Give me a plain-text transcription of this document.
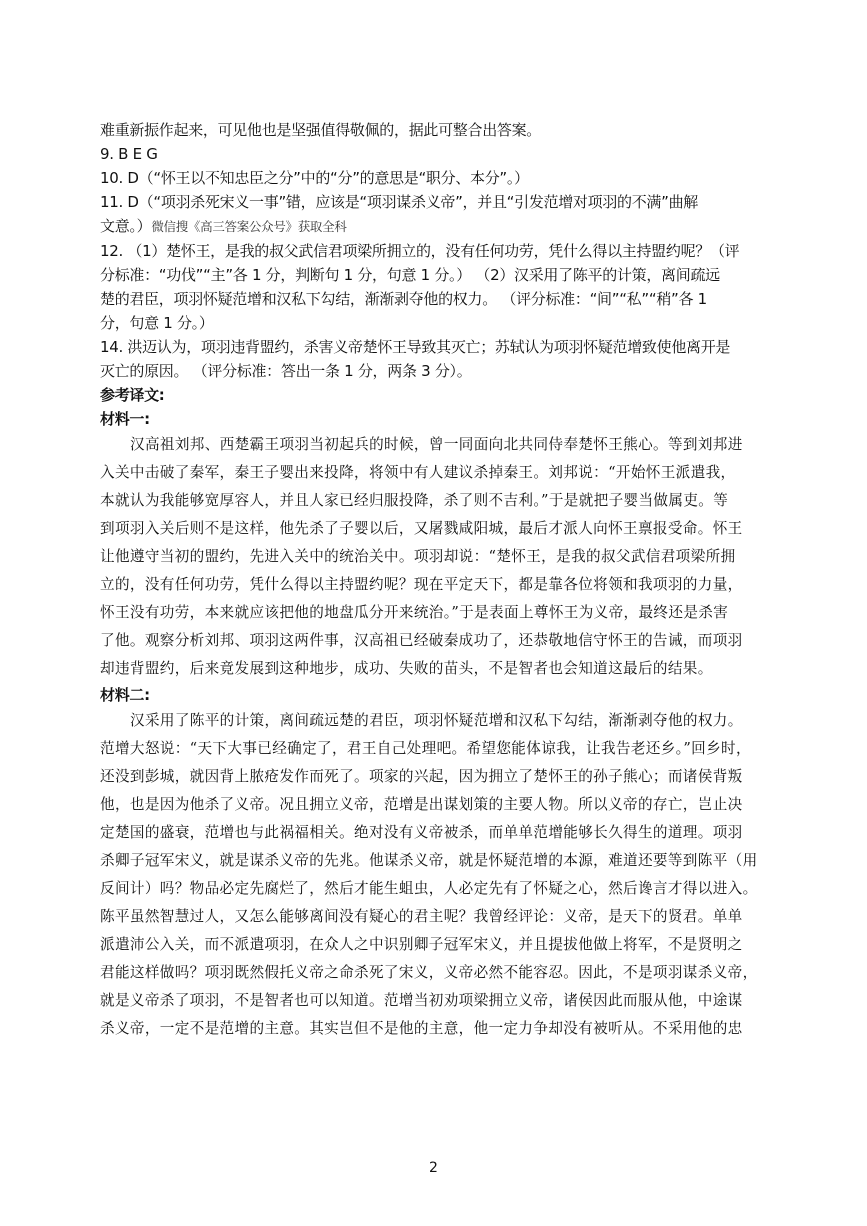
难重新振作起来，可见他也是坚强值得敬佩的，据此可整合出答案。
9. B E G
10. D（“怀王以不知忠臣之分”中的“分”的意思是“职分、本分”。）
11. D（“项羽杀死宋义一事”错，应该是“项羽谋杀义帝”，并且“引发范增对项羽的不满”曲解
文意。）微信搜《高三答案公众号》获取全科
12. （1）楚怀王，是我的叔父武信君项梁所拥立的，没有任何功劳，凭什么得以主持盟约呢？（评
分标准：“功伐”“主”各 1 分，判断句 1 分，句意 1 分。） （2）汉采用了陈平的计策，离间疏远
楚的君臣，项羽怀疑范增和汉私下勾结，渐渐剥夺他的权力。 （评分标准：“间”“私”“稍”各 1
分，句意 1 分。）
14. 洪迈认为，项羽违背盟约，杀害义帝楚怀王导致其灭亡；苏轼认为项羽怀疑范增致使他离开是
灭亡的原因。 （评分标准：答出一条 1 分，两条 3 分）。
参考译文:
材料一:
汉高祖刘邦、西楚霸王项羽当初起兵的时候，曾一同面向北共同侍奉楚怀王熊心。等到刘邦进
入关中击破了秦军，秦王子婴出来投降，将领中有人建议杀掉秦王。刘邦说：“开始怀王派遣我，
本就认为我能够宽厚容人，并且人家已经归服投降，杀了则不吉利。”于是就把子婴当做属吏。等
到项羽入关后则不是这样，他先杀了子婴以后，又屠戮咸阳城，最后才派人向怀王禀报受命。怀王
让他遵守当初的盟约，先进入关中的统治关中。项羽却说：“楚怀王，是我的叔父武信君项梁所拥
立的，没有任何功劳，凭什么得以主持盟约呢？现在平定天下，都是靠各位将领和我项羽的力量，
怀王没有功劳，本来就应该把他的地盘瓜分开来统治。”于是表面上尊怀王为义帝，最终还是杀害
了他。观察分析刘邦、项羽这两件事，汉高祖已经破秦成功了，还恭敬地信守怀王的告诫，而项羽
却违背盟约，后来竟发展到这种地步，成功、失败的苗头，不是智者也会知道这最后的结果。
材料二:
汉采用了陈平的计策，离间疏远楚的君臣，项羽怀疑范增和汉私下勾结，渐渐剥夺他的权力。
范增大怒说：“天下大事已经确定了，君王自己处理吧。希望您能体谅我，让我告老还乡。”回乡时，
还没到彭城，就因背上脓疮发作而死了。项家的兴起，因为拥立了楚怀王的孙子熊心；而诸侯背叛
他，也是因为他杀了义帝。况且拥立义帝，范增是出谋划策的主要人物。所以义帝的存亡，岂止决
定楚国的盛衰，范增也与此祸福相关。绝对没有义帝被杀，而单单范增能够长久得生的道理。项羽
杀卿子冠军宋义，就是谋杀义帝的先兆。他谋杀义帝，就是怀疑范增的本源，难道还要等到陈平（用
反间计）吗？物品必定先腐烂了，然后才能生蛆虫，人必定先有了怀疑之心，然后谗言才得以进入。
陈平虽然智慧过人，又怎么能够离间没有疑心的君主呢？我曾经评论：义帝，是天下的贤君。单单
派遣沛公入关，而不派遣项羽，在众人之中识别卿子冠军宋义，并且提拔他做上将军，不是贤明之
君能这样做吗？项羽既然假托义帝之命杀死了宋义，义帝必然不能容忍。因此，不是项羽谋杀义帝，
就是义帝杀了项羽，不是智者也可以知道。范增当初劝项梁拥立义帝，诸侯因此而服从他，中途谋
杀义帝，一定不是范增的主意。其实岂但不是他的主意，他一定力争却没有被听从。不采用他的忠
2
